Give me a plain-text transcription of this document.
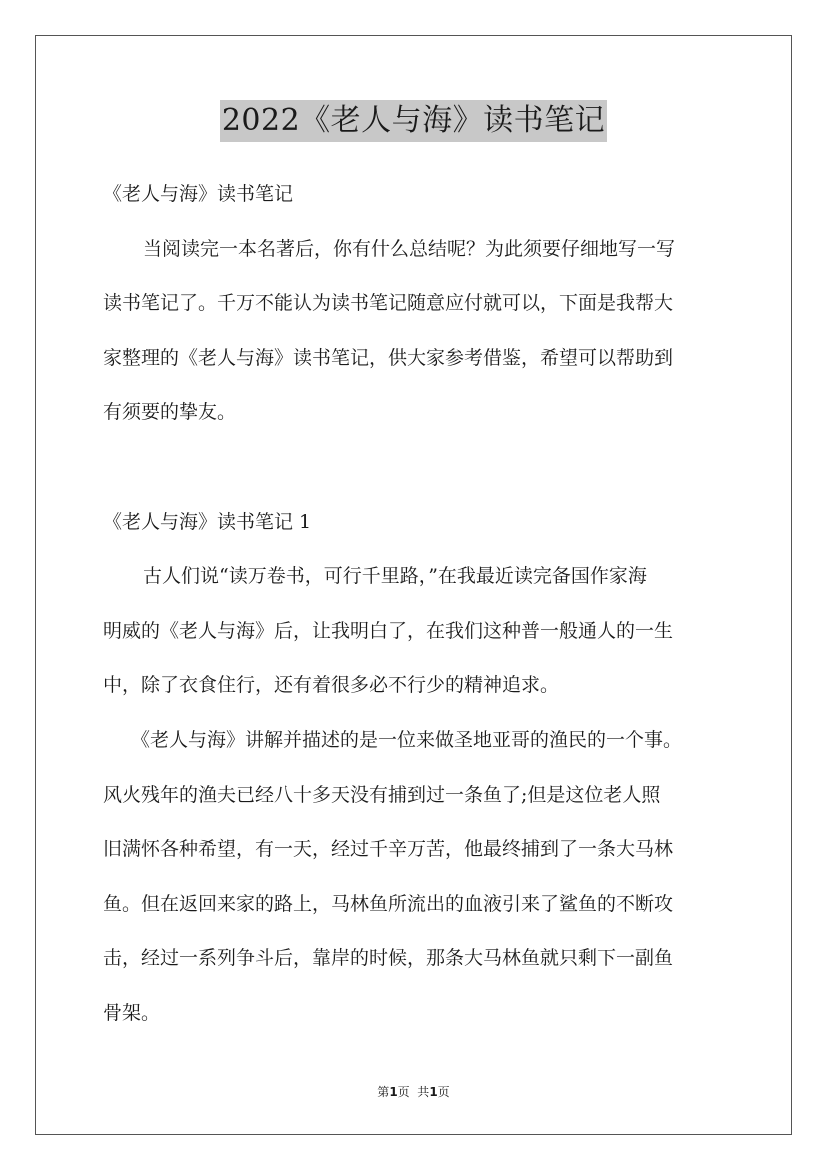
2022《老人与海》读书笔记
《老人与海》读书笔记
当阅读完一本名著后，你有什么总结呢？为此须要仔细地写一写
读书笔记了。千万不能认为读书笔记随意应付就可以，下面是我帮大
家整理的《老人与海》读书笔记，供大家参考借鉴，希望可以帮助到
有须要的挚友。
《老人与海》读书笔记 1
古人们说“读万卷书，可行千里路，”在我最近读完备国作家海
明威的《老人与海》后，让我明白了，在我们这种普一般通人的一生
中，除了衣食住行，还有着很多必不行少的精神追求。
《老人与海》讲解并描述的是一位来做圣地亚哥的渔民的一个事。
风火残年的渔夫已经八十多天没有捕到过一条鱼了;但是这位老人照
旧满怀各种希望，有一天，经过千辛万苦，他最终捕到了一条大马林
鱼。但在返回来家的路上，马林鱼所流出的血液引来了鲨鱼的不断攻
击，经过一系列争斗后，靠岸的时候，那条大马林鱼就只剩下一副鱼
骨架。
第1页  共1页
